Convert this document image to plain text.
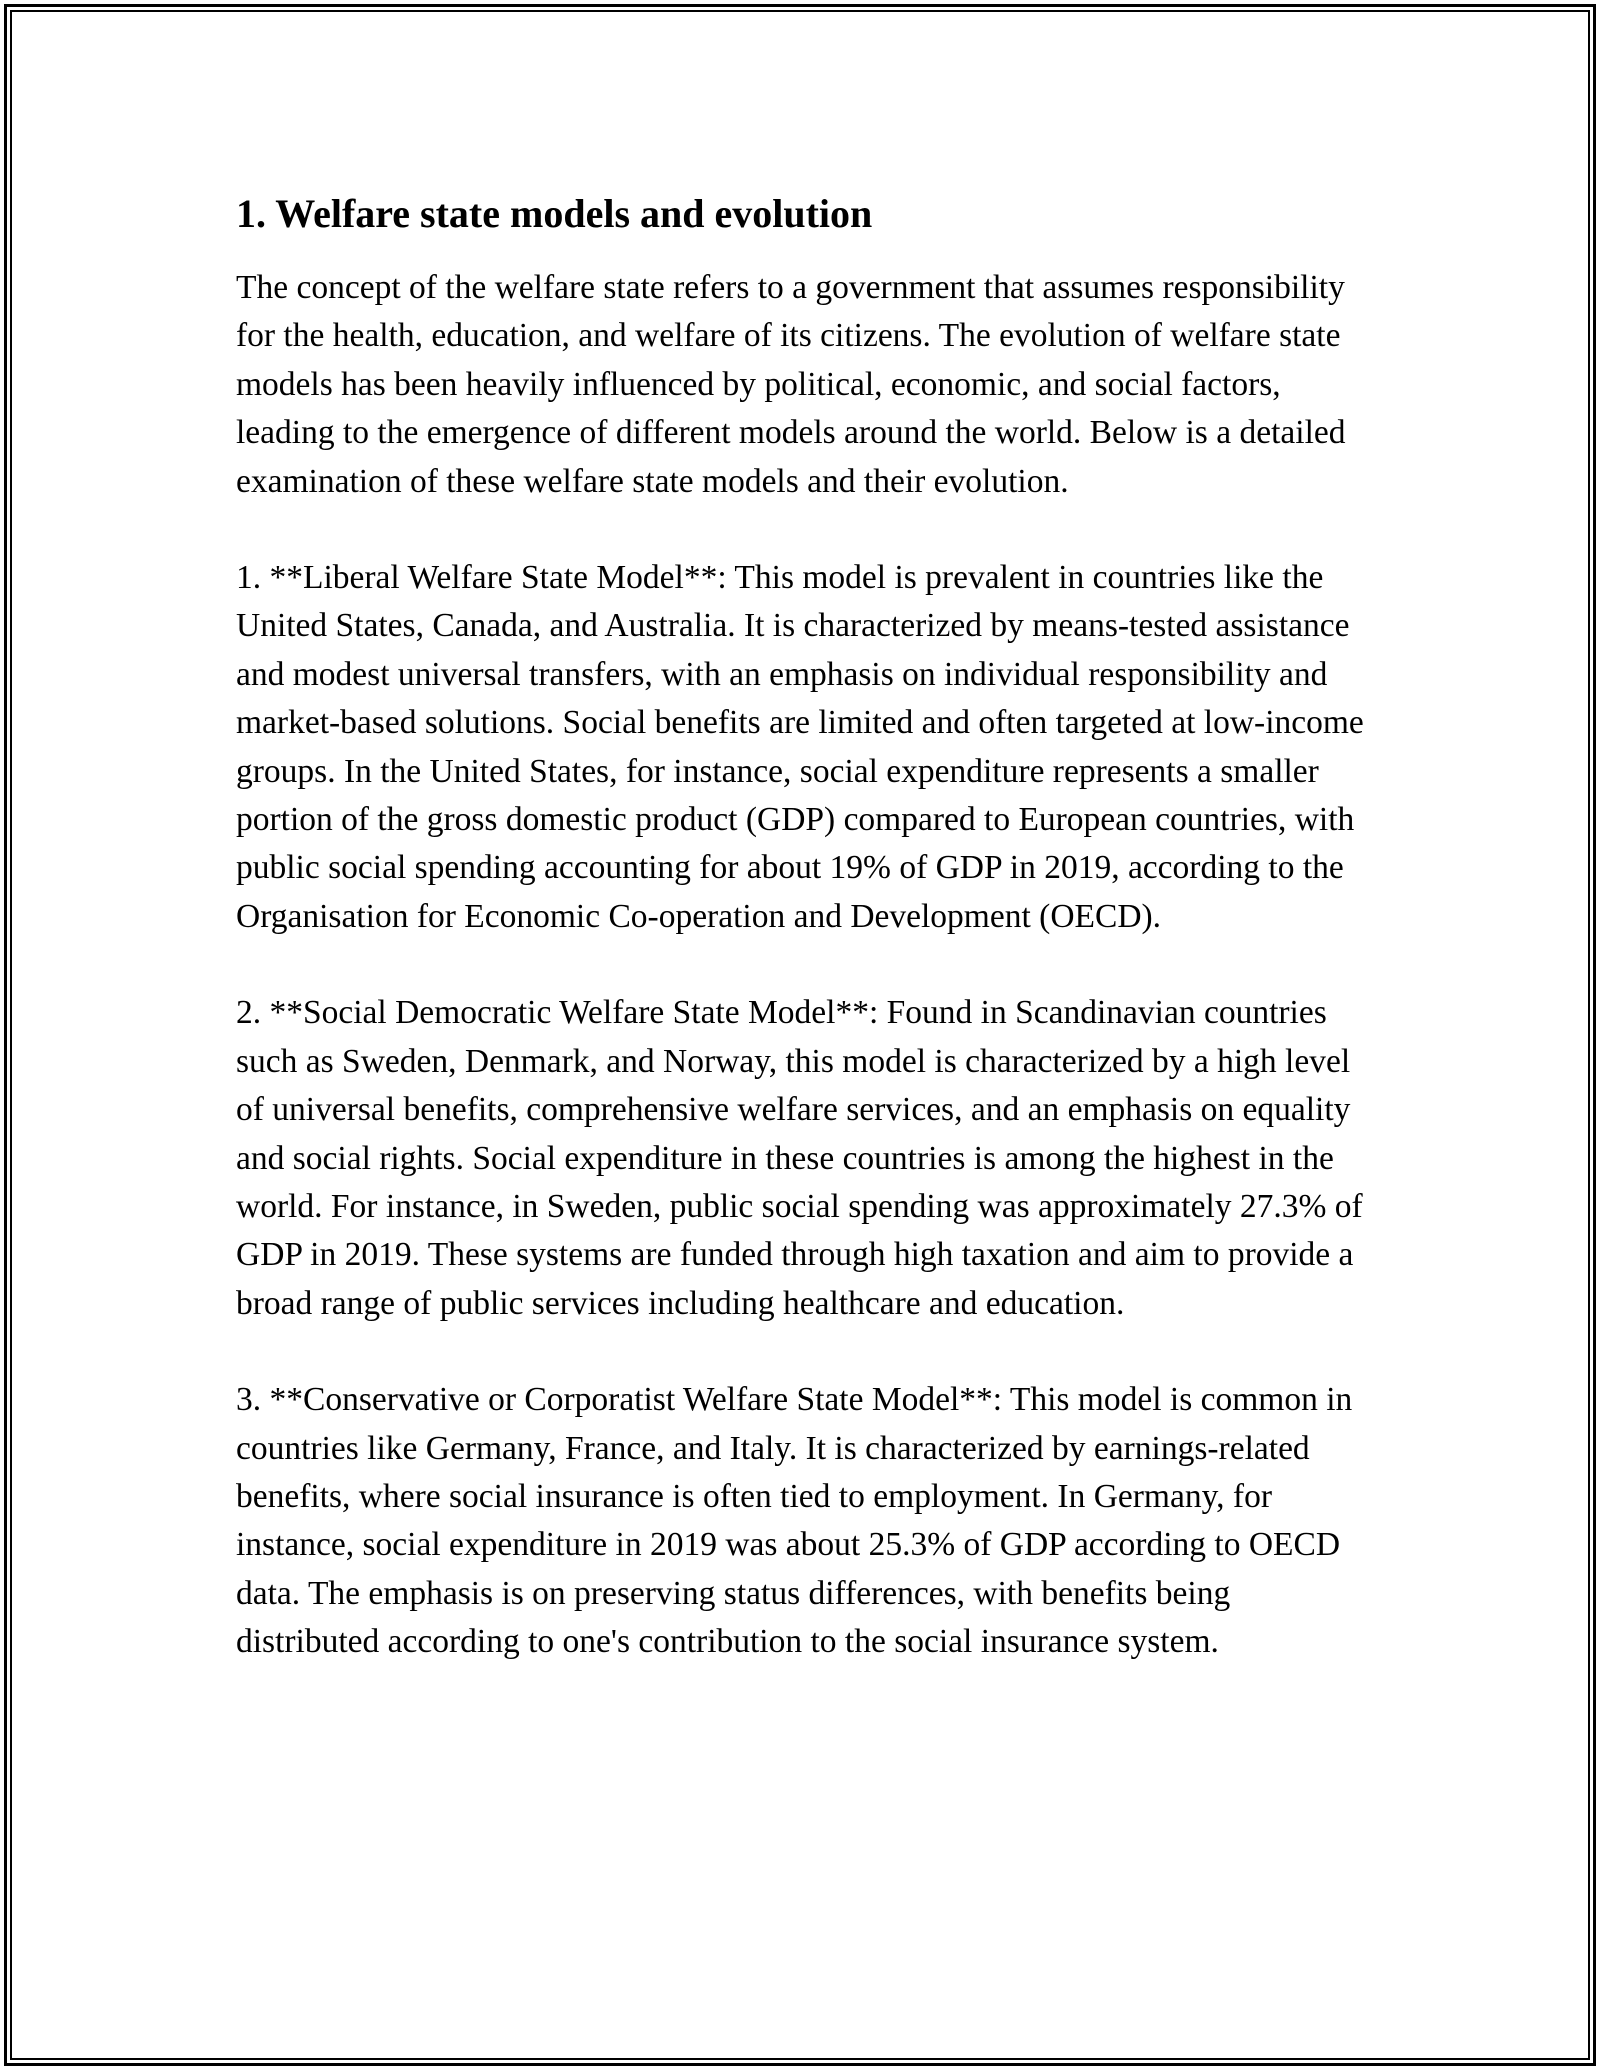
1. Welfare state models and evolution

The concept of the welfare state refers to a government that assumes responsibility for the health, education, and welfare of its citizens. The evolution of welfare state models has been heavily influenced by political, economic, and social factors, leading to the emergence of different models around the world. Below is a detailed examination of these welfare state models and their evolution.

1. **Liberal Welfare State Model**: This model is prevalent in countries like the United States, Canada, and Australia. It is characterized by means-tested assistance and modest universal transfers, with an emphasis on individual responsibility and market-based solutions. Social benefits are limited and often targeted at low-income groups. In the United States, for instance, social expenditure represents a smaller portion of the gross domestic product (GDP) compared to European countries, with public social spending accounting for about 19% of GDP in 2019, according to the Organisation for Economic Co-operation and Development (OECD).

2. **Social Democratic Welfare State Model**: Found in Scandinavian countries such as Sweden, Denmark, and Norway, this model is characterized by a high level of universal benefits, comprehensive welfare services, and an emphasis on equality and social rights. Social expenditure in these countries is among the highest in the world. For instance, in Sweden, public social spending was approximately 27.3% of GDP in 2019. These systems are funded through high taxation and aim to provide a broad range of public services including healthcare and education.

3. **Conservative or Corporatist Welfare State Model**: This model is common in countries like Germany, France, and Italy. It is characterized by earnings-related benefits, where social insurance is often tied to employment. In Germany, for instance, social expenditure in 2019 was about 25.3% of GDP according to OECD data. The emphasis is on preserving status differences, with benefits being distributed according to one's contribution to the social insurance system.
